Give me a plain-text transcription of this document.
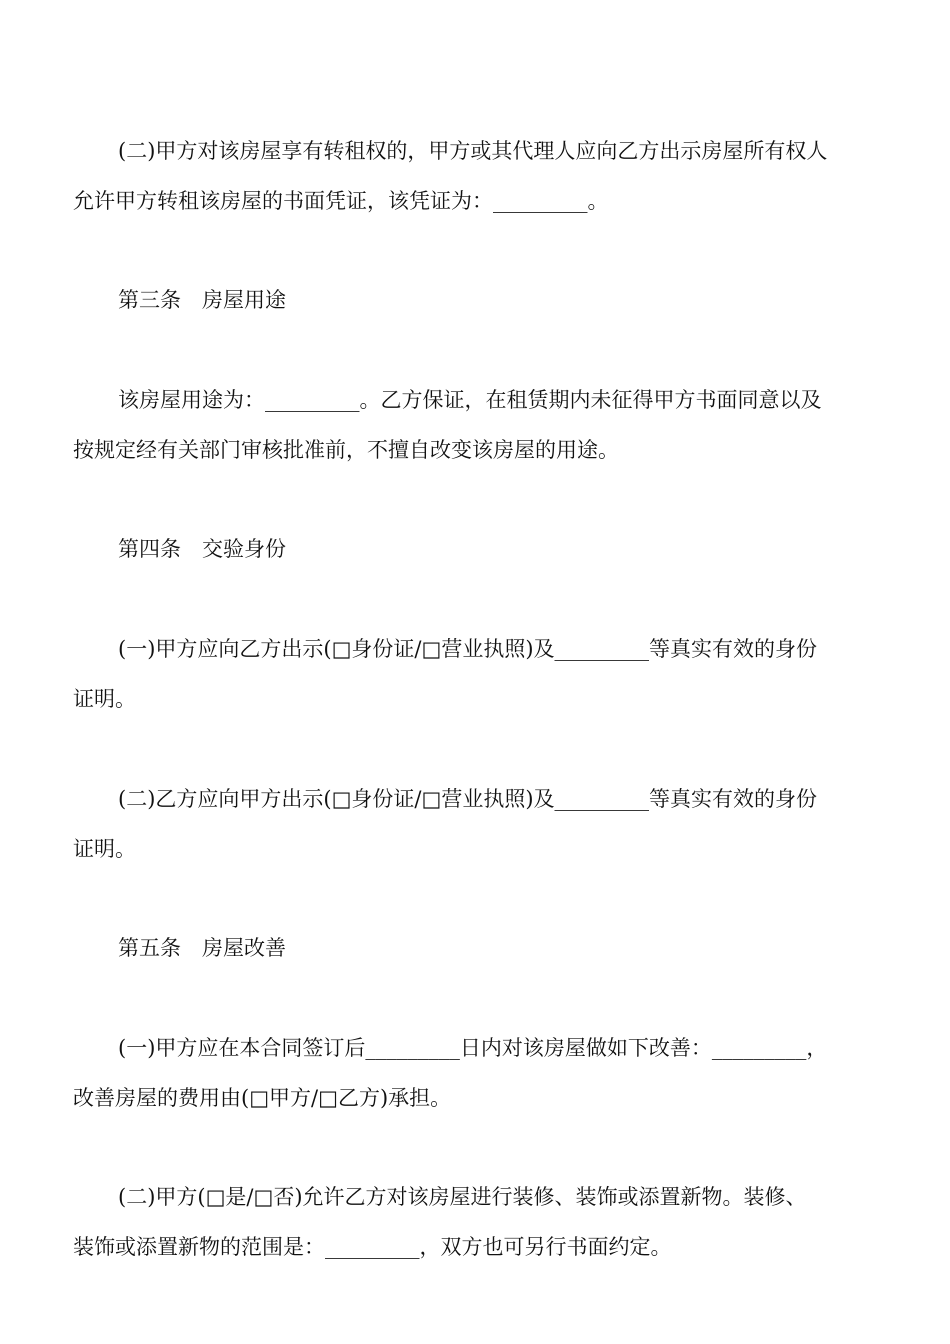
(二)甲方对该房屋享有转租权的，甲方或其代理人应向乙方出示房屋所有权人
允许甲方转租该房屋的书面凭证，该凭证为：_________。
第三条　房屋用途
该房屋用途为：_________。乙方保证，在租赁期内未征得甲方书面同意以及
按规定经有关部门审核批准前，不擅自改变该房屋的用途。
第四条　交验身份
(一)甲方应向乙方出示(□身份证/□营业执照)及_________等真实有效的身份
证明。
(二)乙方应向甲方出示(□身份证/□营业执照)及_________等真实有效的身份
证明。
第五条　房屋改善
(一)甲方应在本合同签订后_________日内对该房屋做如下改善：_________，
改善房屋的费用由(□甲方/□乙方)承担。
(二)甲方(□是/□否)允许乙方对该房屋进行装修、装饰或添置新物。装修、
装饰或添置新物的范围是：_________，双方也可另行书面约定。
